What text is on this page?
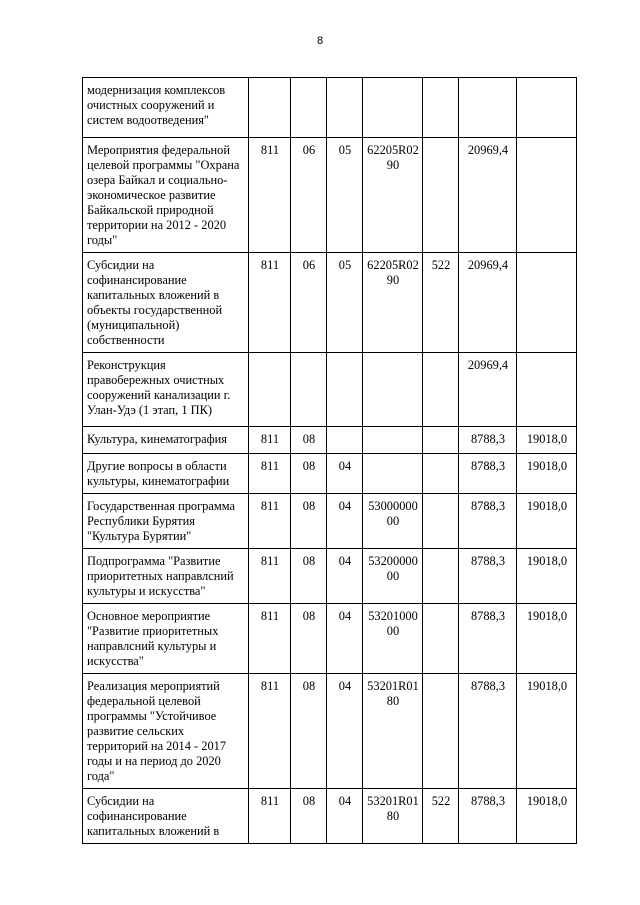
8
модернизация комплексов очистных сооружений и систем водоотведения"							
Мероприятия федеральной целевой программы "Охрана озера Байкал и социально-экономическое развитие Байкальской природной территории на 2012 - 2020 годы"	811	06	05	62205R02 90		20969,4	
Субсидии на софинансирование капитальных вложений в объекты государственной (муниципальной) собственности	811	06	05	62205R02 90	522	20969,4	
Реконструкция правобережных очистных сооружений канализации г. Улан-Удэ (1 этап, 1 ПК)						20969,4	
Культура, кинематография	811	08				8788,3	19018,0
Другие вопросы в области культуры, кинематографии	811	08	04			8788,3	19018,0
Государственная программа Республики Бурятия "Культура Бурятии"	811	08	04	53000000 00		8788,3	19018,0
Подпрограмма "Развитие приоритетных направлсний культуры и искусства"	811	08	04	53200000 00		8788,3	19018,0
Основное мероприятие "Развитие приоритетных направлсний культуры и искусства"	811	08	04	53201000 00		8788,3	19018,0
Реализация мероприятий федеральной целевой программы "Устойчивое развитие сельских территорий на 2014 - 2017 годы и на период до 2020 года"	811	08	04	53201R01 80		8788,3	19018,0
Субсидии на софинансирование капитальных вложений в	811	08	04	53201R01 80	522	8788,3	19018,0
